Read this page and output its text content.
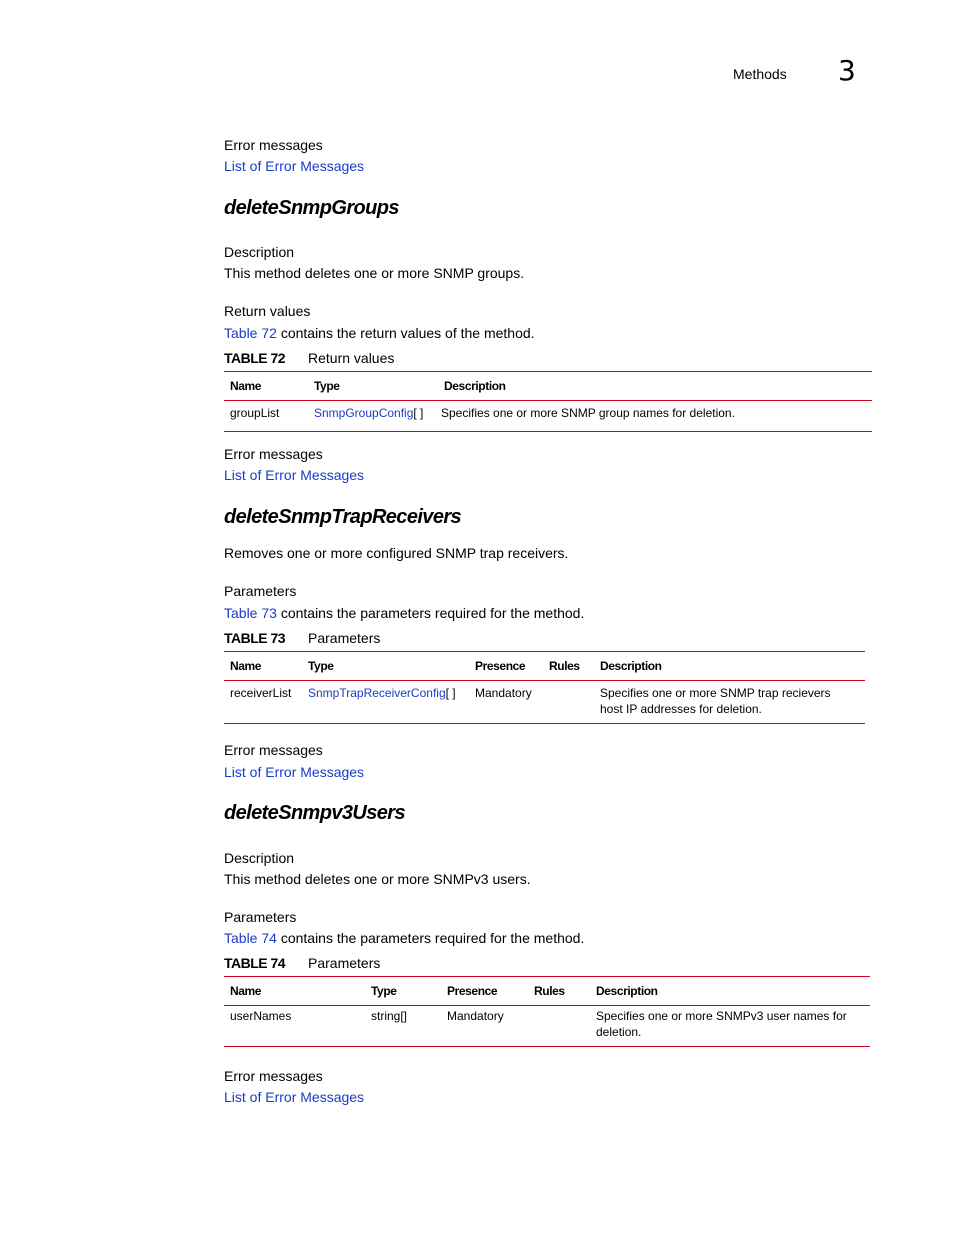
Methods 3
Error messages
List of Error Messages
deleteSnmpGroups
Description
This method deletes one or more SNMP groups.
Return values
Table 72 contains the return values of the method.
TABLE 72 Return values
Name	Type	Description
groupList	SnmpGroupConfig[ ]	Specifies one or more SNMP group names for deletion.
Error messages
List of Error Messages
deleteSnmpTrapReceivers
Removes one or more configured SNMP trap receivers.
Parameters
Table 73 contains the parameters required for the method.
TABLE 73 Parameters
Name	Type	Presence	Rules	Description
receiverList	SnmpTrapReceiverConfig[ ]	Mandatory		Specifies one or more SNMP trap recievers
host IP addresses for deletion.
Error messages
List of Error Messages
deleteSnmpv3Users
Description
This method deletes one or more SNMPv3 users.
Parameters
Table 74 contains the parameters required for the method.
TABLE 74 Parameters
Name	Type	Presence	Rules	Description
userNames	string[]	Mandatory		Specifies one or more SNMPv3 user names for
deletion.
Error messages
List of Error Messages
